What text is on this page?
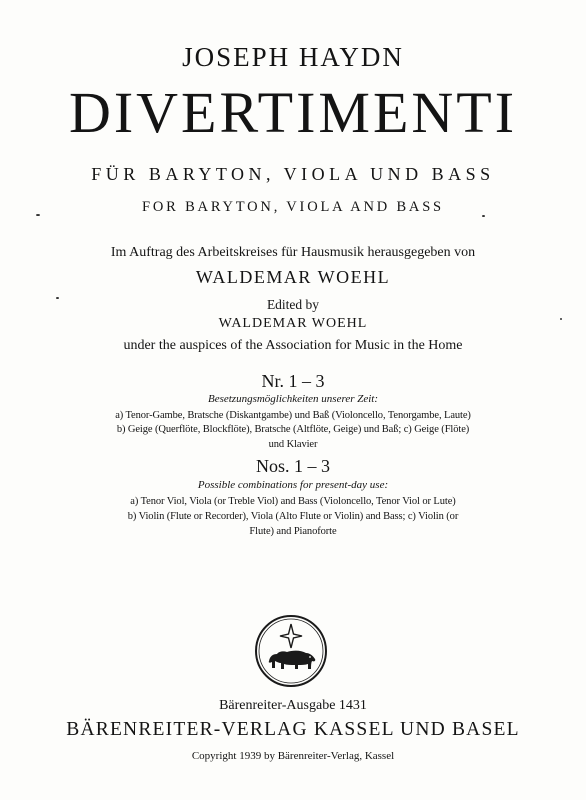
JOSEPH HAYDN
DIVERTIMENTI
FÜR BARYTON, VIOLA UND BASS
FOR BARYTON, VIOLA AND BASS
Im Auftrag des Arbeitskreises für Hausmusik herausgegeben von
WALDEMAR WOEHL
Edited by
WALDEMAR WOEHL
under the auspices of the Association for Music in the Home
Nr. 1 – 3
Besetzungsmöglichkeiten unserer Zeit:
a) Tenor-Gambe, Bratsche (Diskantgambe) und Baß (Violoncello, Tenorgambe, Laute)
b) Geige (Querflöte, Blockflöte), Bratsche (Altflöte, Geige) und Baß; c) Geige (Flöte)
und Klavier
Nos. 1 – 3
Possible combinations for present-day use:
a) Tenor Viol, Viola (or Treble Viol) and Bass (Violoncello, Tenor Viol or Lute)
b) Violin (Flute or Recorder), Viola (Alto Flute or Violin) and Bass; c) Violin (or
Flute) and Pianoforte
Bärenreiter-Ausgabe 1431
BÄRENREITER-VERLAG KASSEL UND BASEL
Copyright 1939 by Bärenreiter-Verlag, Kassel
